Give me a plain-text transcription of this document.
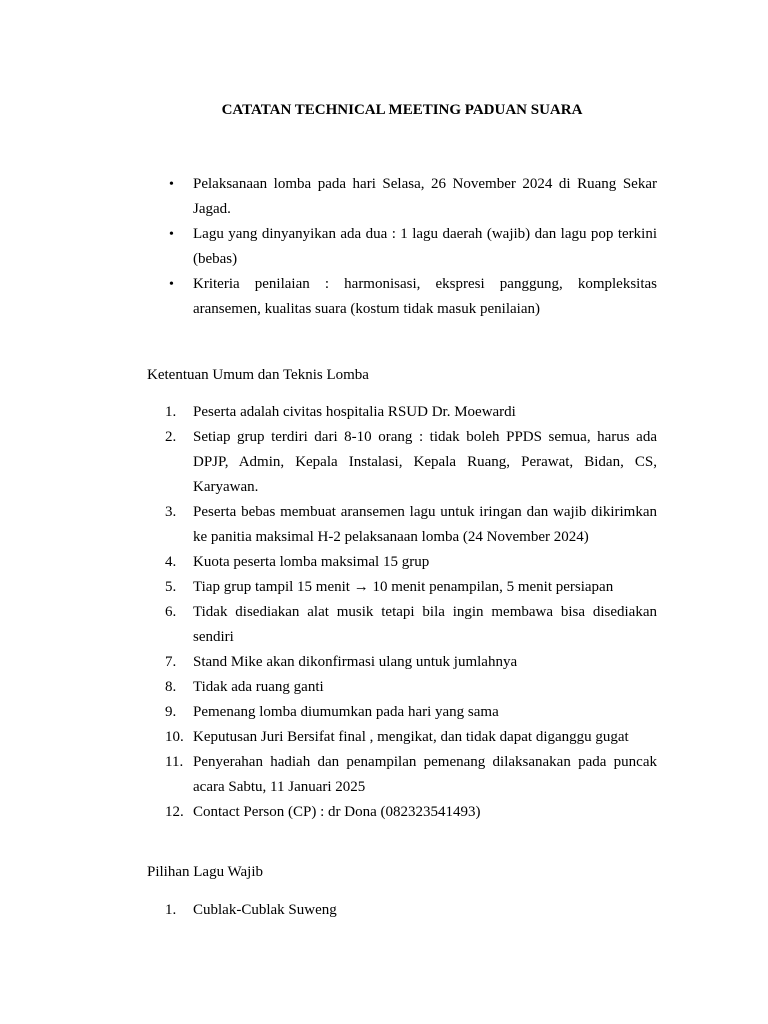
CATATAN TECHNICAL MEETING PADUAN SUARA
• Pelaksanaan lomba pada hari Selasa, 26 November 2024 di Ruang Sekar Jagad.
• Lagu yang dinyanyikan ada dua : 1 lagu daerah (wajib) dan lagu pop terkini (bebas)
• Kriteria penilaian : harmonisasi, ekspresi panggung, kompleksitas aransemen, kualitas suara (kostum tidak masuk penilaian)
Ketentuan Umum dan Teknis Lomba
1.	Peserta adalah civitas hospitalia RSUD Dr. Moewardi
2.	Setiap grup terdiri dari 8-10 orang : tidak boleh PPDS semua, harus ada DPJP, Admin, Kepala Instalasi, Kepala Ruang, Perawat, Bidan, CS, Karyawan.
3.	Peserta bebas membuat aransemen lagu untuk iringan dan wajib dikirimkan ke panitia maksimal H-2 pelaksanaan lomba (24 November 2024)
4.	Kuota peserta lomba maksimal 15 grup
5.	Tiap grup tampil 15 menit → 10 menit penampilan, 5 menit persiapan
6.	Tidak disediakan alat musik tetapi bila ingin membawa bisa disediakan sendiri
7.	Stand Mike akan dikonfirmasi ulang untuk jumlahnya
8.	Tidak ada ruang ganti
9.	Pemenang lomba diumumkan pada hari yang sama
10. Keputusan Juri Bersifat final , mengikat, dan tidak dapat diganggu gugat
11. Penyerahan hadiah dan penampilan pemenang dilaksanakan pada puncak acara Sabtu, 11 Januari 2025
12. Contact Person (CP) : dr Dona (082323541493)
Pilihan Lagu Wajib
1.	Cublak-Cublak Suweng
